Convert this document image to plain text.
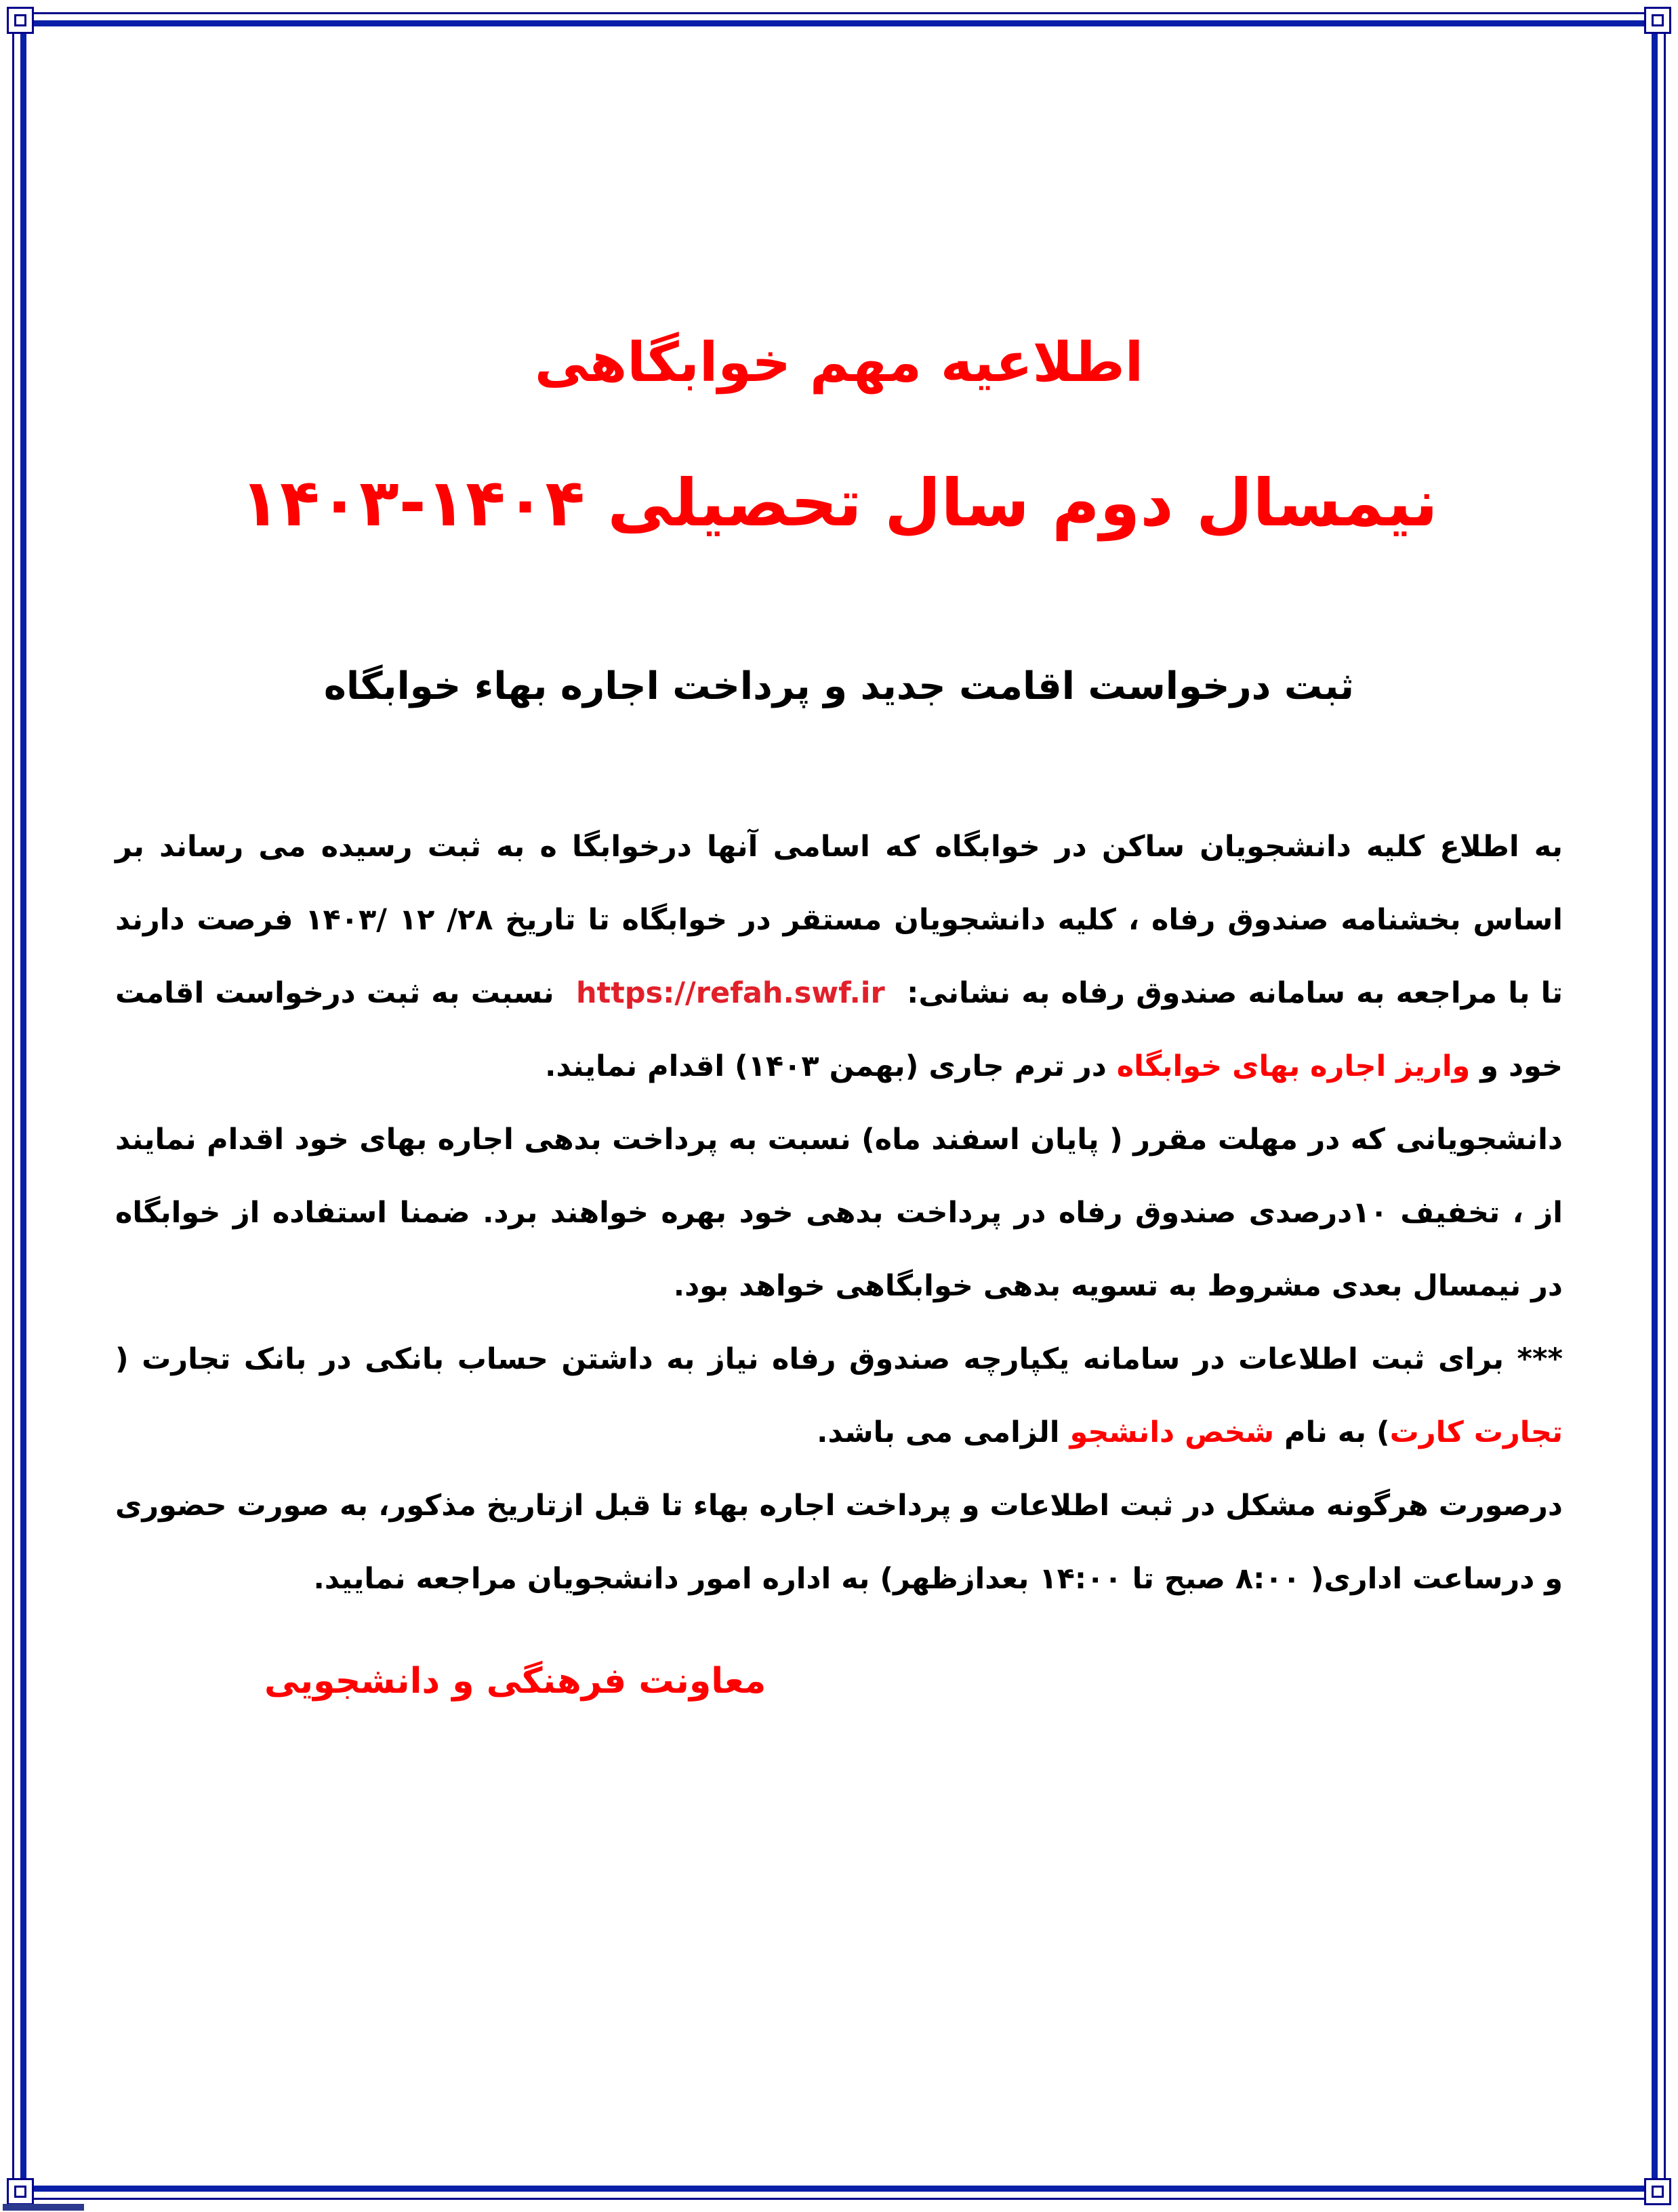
اطلاعیه مهم خوابگاهی
نیمسال دوم سال تحصیلی ۱۴۰۴-۱۴۰۳
ثبت درخواست اقامت جدید و پرداخت اجاره بهاء خوابگاه

به اطلاع کلیه دانشجویان ساکن در خوابگاه که اسامی آنها درخوابگا ه به ثبت رسیده می رساند بر اساس بخشنامه صندوق رفاه ، کلیه دانشجویان مستقر در خوابگاه تا تاریخ ۲۸/ ۱۲ /۱۴۰۳ فرصت دارند تا با مراجعه به سامانه صندوق رفاه به نشانی:  https://refah.swf.ir  نسبت به ثبت درخواست اقامت خود و واریز اجاره بهای خوابگاه در ترم جاری (بهمن ۱۴۰۳) اقدام نمایند.

دانشجویانی که در مهلت مقرر ( پایان اسفند ماه) نسبت به پرداخت بدهی اجاره بهای خود اقدام نمایند از ، تخفیف ۱۰درصدی صندوق رفاه در پرداخت بدهی خود بهره خواهند برد. ضمنا استفاده از خوابگاه در نیمسال بعدی مشروط به تسویه بدهی خوابگاهی خواهد بود.

*** برای ثبت اطلاعات در سامانه یکپارچه صندوق رفاه نیاز به داشتن حساب بانکی در بانک تجارت ( تجارت کارت) به نام شخص دانشجو الزامی می باشد.

درصورت هرگونه مشکل در ثبت اطلاعات و پرداخت اجاره بهاء تا قبل ازتاریخ مذکور، به صورت حضوری و درساعت اداری( ۸:۰۰ صبح تا ۱۴:۰۰ بعدازظهر) به اداره امور دانشجویان مراجعه نمایید.

معاونت فرهنگی و دانشجویی
